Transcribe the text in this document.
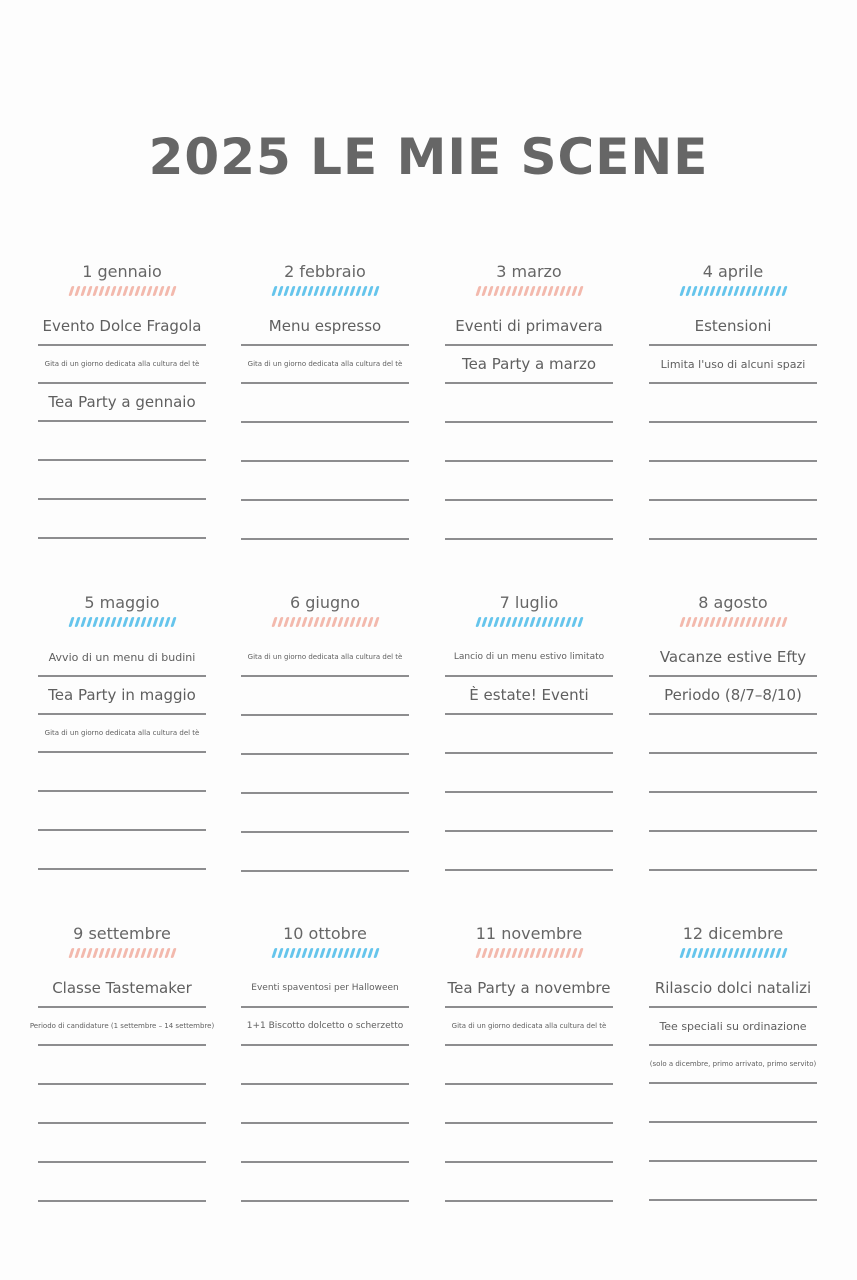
2025 LE MIE SCENE
1 gennaio
Evento Dolce Fragola
Gita di un giorno dedicata alla cultura del tè
Tea Party a gennaio
2 febbraio
Menu espresso
Gita di un giorno dedicata alla cultura del tè
3 marzo
Eventi di primavera
Tea Party a marzo
4 aprile
Estensioni
Limita l'uso di alcuni spazi
5 maggio
Avvio di un menu di budini
Tea Party in maggio
Gita di un giorno dedicata alla cultura del tè
6 giugno
Gita di un giorno dedicata alla cultura del tè
7 luglio
Lancio di un menu estivo limitato
È estate! Eventi
8 agosto
Vacanze estive Efty
Periodo (8/7–8/10)
9 settembre
Classe Tastemaker
Periodo di candidature (1 settembre – 14 settembre)
10 ottobre
Eventi spaventosi per Halloween
1+1 Biscotto dolcetto o scherzetto
11 novembre
Tea Party a novembre
Gita di un giorno dedicata alla cultura del tè
12 dicembre
Rilascio dolci natalizi
Tee speciali su ordinazione
(solo a dicembre, primo arrivato, primo servito)
